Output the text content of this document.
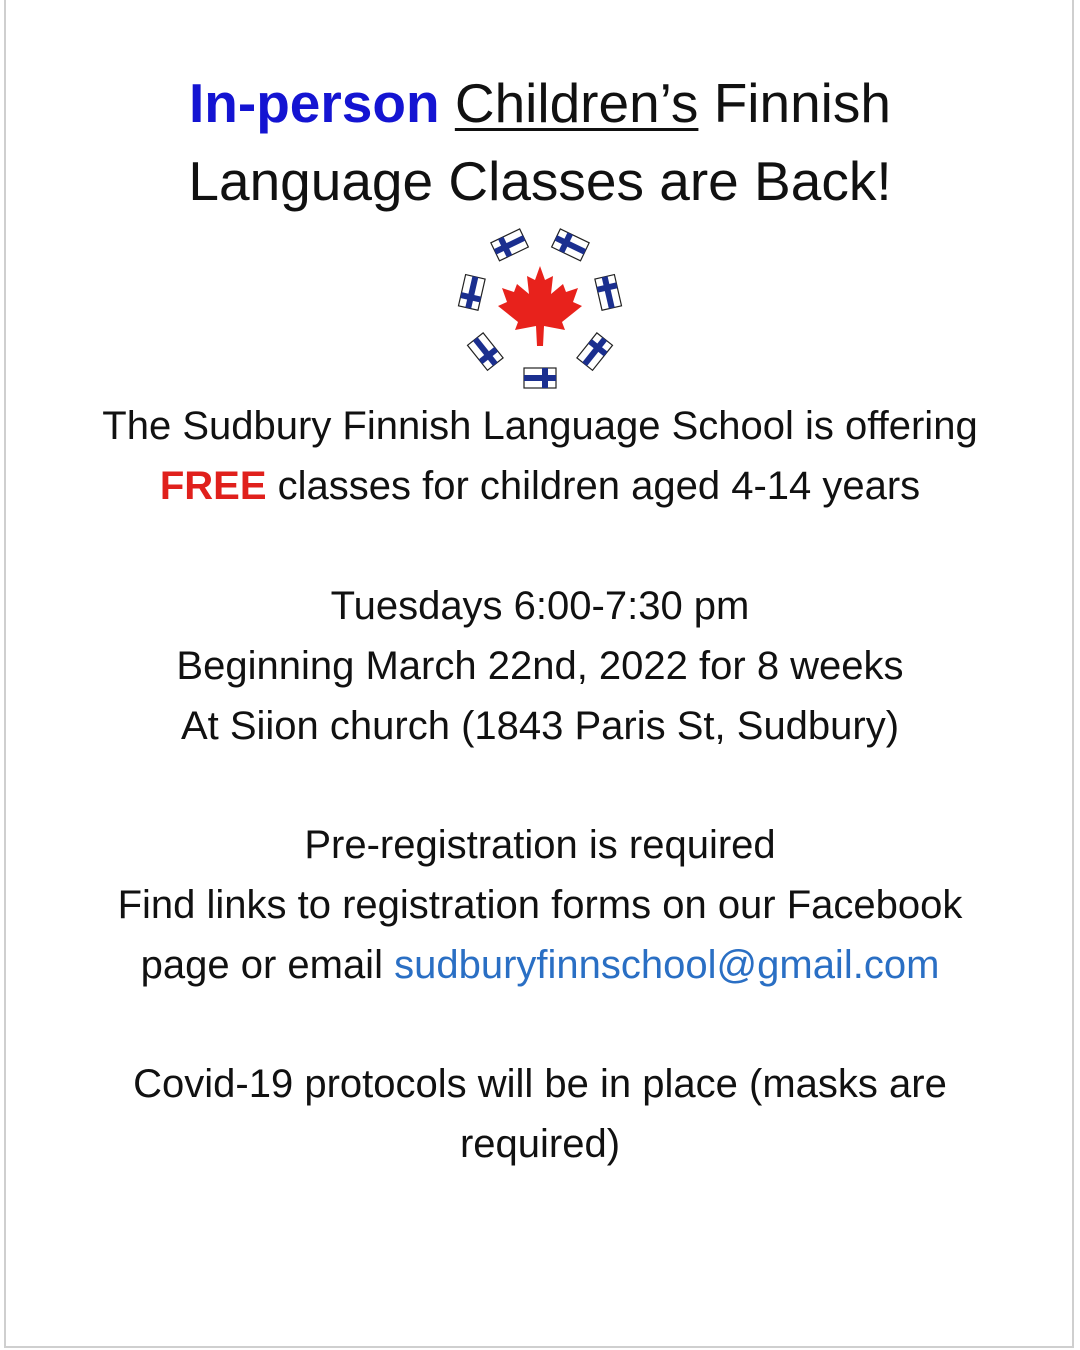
In-person Children’s Finnish
Language Classes are Back!

The Sudbury Finnish Language School is offering
FREE classes for children aged 4-14 years

Tuesdays 6:00-7:30 pm
Beginning March 22nd, 2022 for 8 weeks
At Siion church (1843 Paris St, Sudbury)

Pre-registration is required
Find links to registration forms on our Facebook
page or email sudburyfinnschool@gmail.com

Covid-19 protocols will be in place (masks are
required)
